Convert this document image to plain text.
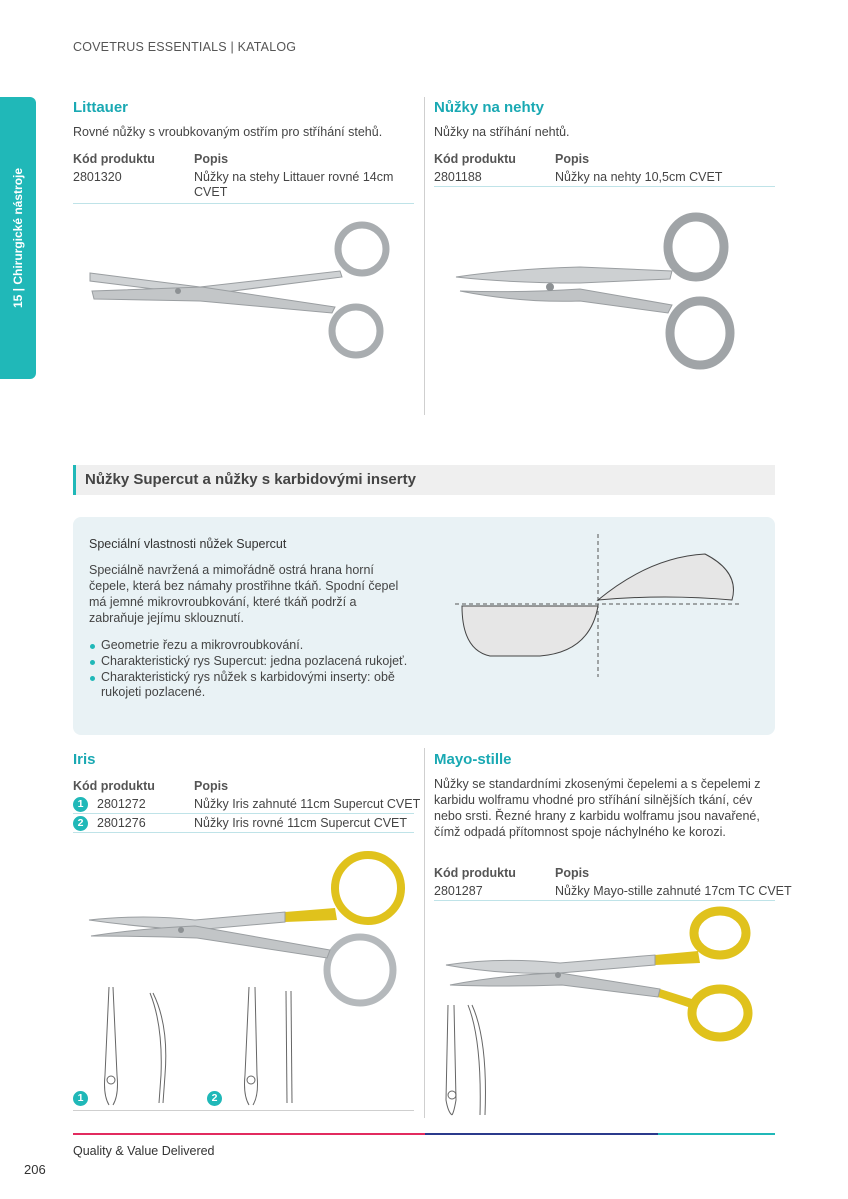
COVETRUS ESSENTIALS | KATALOG
15 | Chirurgické nástroje
Littauer
Rovné nůžky s vroubkovaným ostřím pro stříhání stehů.
Kód produktu	Popis
2801320	Nůžky na stehy Littauer rovné 14cm CVET
Nůžky na nehty
Nůžky na stříhání nehtů.
Kód produktu	Popis
2801188	Nůžky na nehty 10,5cm CVET
Nůžky Supercut a nůžky s karbidovými inserty
Speciální vlastnosti nůžek Supercut
Speciálně navržená a mimořádně ostrá hrana horní čepele, která bez námahy prostřihne tkáň. Spodní čepel má jemné mikrovroubkování, které tkáň podrží a zabraňuje jejímu sklouznutí.
Geometrie řezu a mikrovroubkování.
Charakteristický rys Supercut: jedna pozlacená rukojeť.
Charakteristický rys nůžek s karbidovými inserty: obě rukojeti pozlacené.
Iris
Kód produktu	Popis
1	2801272	Nůžky Iris zahnuté 11cm Supercut CVET
2	2801276	Nůžky Iris rovné 11cm Supercut CVET
1	2
Mayo-stille
Nůžky se standardními zkosenými čepelemi a s čepelemi z karbidu wolframu vhodné pro stříhání silnějších tkání, cév nebo srsti. Řezné hrany z karbidu wolframu jsou navařené, čímž odpadá přítomnost spoje náchylného ke korozi.
Kód produktu	Popis
2801287	Nůžky Mayo-stille zahnuté 17cm TC CVET
Quality & Value Delivered
206
